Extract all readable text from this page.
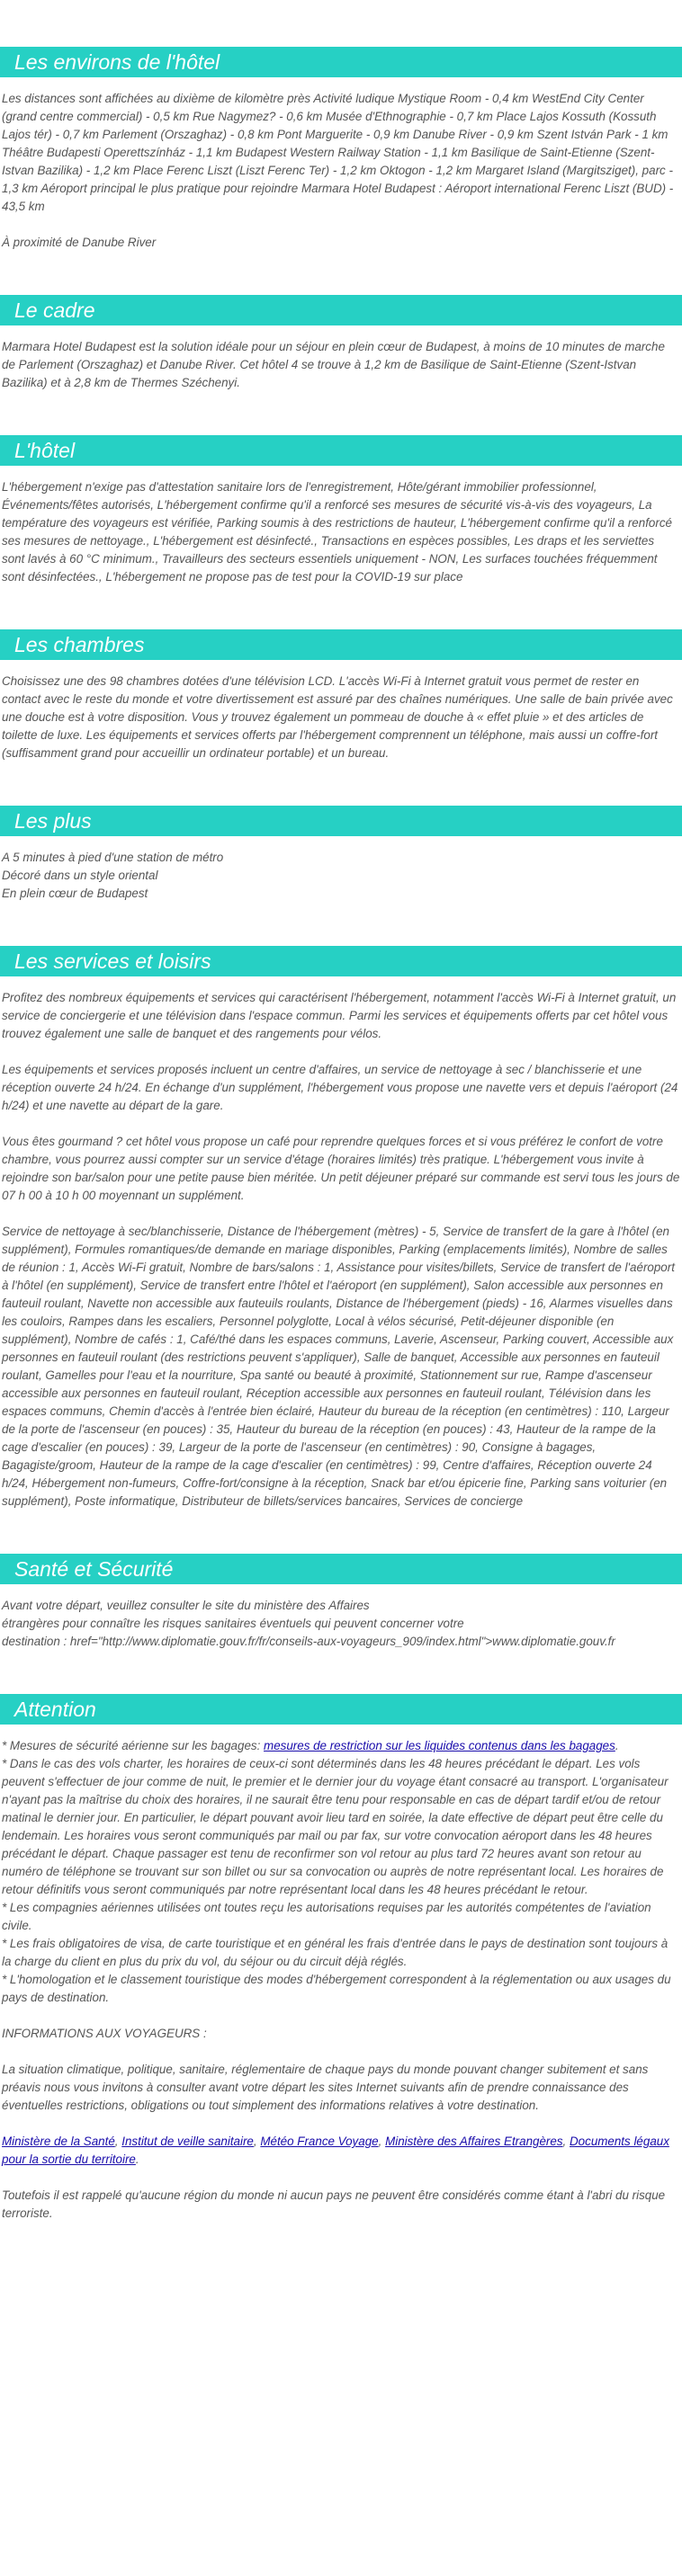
Les environs de l'hôtel

Les distances sont affichées au dixième de kilomètre près Activité ludique Mystique Room - 0,4 km WestEnd City Center (grand centre commercial) - 0,5 km Rue Nagymez? - 0,6 km Musée d'Ethnographie - 0,7 km Place Lajos Kossuth (Kossuth Lajos tér) - 0,7 km Parlement (Orszaghaz) - 0,8 km Pont Marguerite - 0,9 km Danube River - 0,9 km Szent István Park - 1 km Théâtre Budapesti Operettszínház - 1,1 km Budapest Western Railway Station - 1,1 km Basilique de Saint-Etienne (Szent-Istvan Bazilika) - 1,2 km Place Ferenc Liszt (Liszt Ferenc Ter) - 1,2 km Oktogon - 1,2 km Margaret Island (Margitsziget), parc - 1,3 km Aéroport principal le plus pratique pour rejoindre Marmara Hotel Budapest : Aéroport international Ferenc Liszt (BUD) - 43,5 km

À proximité de Danube River

Le cadre

Marmara Hotel Budapest est la solution idéale pour un séjour en plein cœur de Budapest, à moins de 10 minutes de marche de Parlement (Orszaghaz) et Danube River. Cet hôtel 4 se trouve à 1,2 km de Basilique de Saint-Etienne (Szent-Istvan Bazilika) et à 2,8 km de Thermes Széchenyi.

L'hôtel

L'hébergement n'exige pas d'attestation sanitaire lors de l'enregistrement, Hôte/gérant immobilier professionnel, Événements/fêtes autorisés, L'hébergement confirme qu'il a renforcé ses mesures de sécurité vis-à-vis des voyageurs, La température des voyageurs est vérifiée, Parking soumis à des restrictions de hauteur, L'hébergement confirme qu'il a renforcé ses mesures de nettoyage., L'hébergement est désinfecté., Transactions en espèces possibles, Les draps et les serviettes sont lavés à 60 °C minimum., Travailleurs des secteurs essentiels uniquement - NON, Les surfaces touchées fréquemment sont désinfectées., L'hébergement ne propose pas de test pour la COVID-19 sur place

Les chambres

Choisissez une des 98 chambres dotées d'une télévision LCD. L'accès Wi-Fi à Internet gratuit vous permet de rester en contact avec le reste du monde et votre divertissement est assuré par des chaînes numériques. Une salle de bain privée avec une douche est à votre disposition. Vous y trouvez également un pommeau de douche à « effet pluie » et des articles de toilette de luxe. Les équipements et services offerts par l'hébergement comprennent un téléphone, mais aussi un coffre-fort (suffisamment grand pour accueillir un ordinateur portable) et un bureau.

Les plus
A 5 minutes à pied d'une station de métro
Décoré dans un style oriental
En plein cœur de Budapest
Les services et loisirs

Profitez des nombreux équipements et services qui caractérisent l'hébergement, notamment l'accès Wi-Fi à Internet gratuit, un service de conciergerie et une télévision dans l'espace commun. Parmi les services et équipements offerts par cet hôtel vous trouvez également une salle de banquet et des rangements pour vélos.

Les équipements et services proposés incluent un centre d'affaires, un service de nettoyage à sec / blanchisserie et une réception ouverte 24 h/24. En échange d'un supplément, l'hébergement vous propose une navette vers et depuis l'aéroport (24 h/24) et une navette au départ de la gare.

Vous êtes gourmand ? cet hôtel vous propose un café pour reprendre quelques forces et si vous préférez le confort de votre chambre, vous pourrez aussi compter sur un service d'étage (horaires limités) très pratique. L'hébergement vous invite à rejoindre son bar/salon pour une petite pause bien méritée. Un petit déjeuner préparé sur commande est servi tous les jours de 07 h 00 à 10 h 00 moyennant un supplément.

Service de nettoyage à sec/blanchisserie, Distance de l'hébergement (mètres) - 5, Service de transfert de la gare à l'hôtel (en supplément), Formules romantiques/de demande en mariage disponibles, Parking (emplacements limités), Nombre de salles de réunion : 1, Accès Wi-Fi gratuit, Nombre de bars/salons : 1, Assistance pour visites/billets, Service de transfert de l'aéroport à l'hôtel (en supplément), Service de transfert entre l'hôtel et l'aéroport (en supplément), Salon accessible aux personnes en fauteuil roulant, Navette non accessible aux fauteuils roulants, Distance de l'hébergement (pieds) - 16, Alarmes visuelles dans les couloirs, Rampes dans les escaliers, Personnel polyglotte, Local à vélos sécurisé, Petit-déjeuner disponible (en supplément), Nombre de cafés : 1, Café/thé dans les espaces communs, Laverie, Ascenseur, Parking couvert, Accessible aux personnes en fauteuil roulant (des restrictions peuvent s'appliquer), Salle de banquet, Accessible aux personnes en fauteuil roulant, Gamelles pour l'eau et la nourriture, Spa santé ou beauté à proximité, Stationnement sur rue, Rampe d'ascenseur accessible aux personnes en fauteuil roulant, Réception accessible aux personnes en fauteuil roulant, Télévision dans les espaces communs, Chemin d'accès à l'entrée bien éclairé, Hauteur du bureau de la réception (en centimètres) : 110, Largeur de la porte de l'ascenseur (en pouces) : 35, Hauteur du bureau de la réception (en pouces) : 43, Hauteur de la rampe de la cage d'escalier (en pouces) : 39, Largeur de la porte de l'ascenseur (en centimètres) : 90, Consigne à bagages, Bagagiste/groom, Hauteur de la rampe de la cage d'escalier (en centimètres) : 99, Centre d'affaires, Réception ouverte 24 h/24, Hébergement non-fumeurs, Coffre-fort/consigne à la réception, Snack bar et/ou épicerie fine, Parking sans voiturier (en supplément), Poste informatique, Distributeur de billets/services bancaires, Services de concierge

Santé et Sécurité
Avant votre départ, veuillez consulter le site du ministère des Affaires
étrangères pour connaître les risques sanitaires éventuels qui peuvent concerner votre
destination : href="http://www.diplomatie.gouv.fr/fr/conseils-aux-voyageurs_909/index.html">www.diplomatie.gouv.fr
Attention
* Mesures de sécurité aérienne sur les bagages: mesures de restriction sur les liquides contenus dans les bagages.
* Dans le cas des vols charter, les horaires de ceux-ci sont déterminés dans les 48 heures précédant le départ. Les vols peuvent s'effectuer de jour comme de nuit, le premier et le dernier jour du voyage étant consacré au transport. L'organisateur n'ayant pas la maîtrise du choix des horaires, il ne saurait être tenu pour responsable en cas de départ tardif et/ou de retour matinal le dernier jour. En particulier, le départ pouvant avoir lieu tard en soirée, la date effective de départ peut être celle du lendemain. Les horaires vous seront communiqués par mail ou par fax, sur votre convocation aéroport dans les 48 heures précédant le départ. Chaque passager est tenu de reconfirmer son vol retour au plus tard 72 heures avant son retour au numéro de téléphone se trouvant sur son billet ou sur sa convocation ou auprès de notre représentant local. Les horaires de retour définitifs vous seront communiqués par notre représentant local dans les 48 heures précédant le retour.
* Les compagnies aériennes utilisées ont toutes reçu les autorisations requises par les autorités compétentes de l'aviation civile.
* Les frais obligatoires de visa, de carte touristique et en général les frais d'entrée dans le pays de destination sont toujours à la charge du client en plus du prix du vol, du séjour ou du circuit déjà réglés.
* L'homologation et le classement touristique des modes d'hébergement correspondent à la réglementation ou aux usages du pays de destination.
INFORMATIONS AUX VOYAGEURS :
La situation climatique, politique, sanitaire, réglementaire de chaque pays du monde pouvant changer subitement et sans préavis nous vous invitons à consulter avant votre départ les sites Internet suivants afin de prendre connaissance des éventuelles restrictions, obligations ou tout simplement des informations relatives à votre destination.
Ministère de la Santé, Institut de veille sanitaire, Météo France Voyage, Ministère des Affaires Etrangères, Documents légaux pour la sortie du territoire.
Toutefois il est rappelé qu'aucune région du monde ni aucun pays ne peuvent être considérés comme étant à l'abri du risque terroriste.
